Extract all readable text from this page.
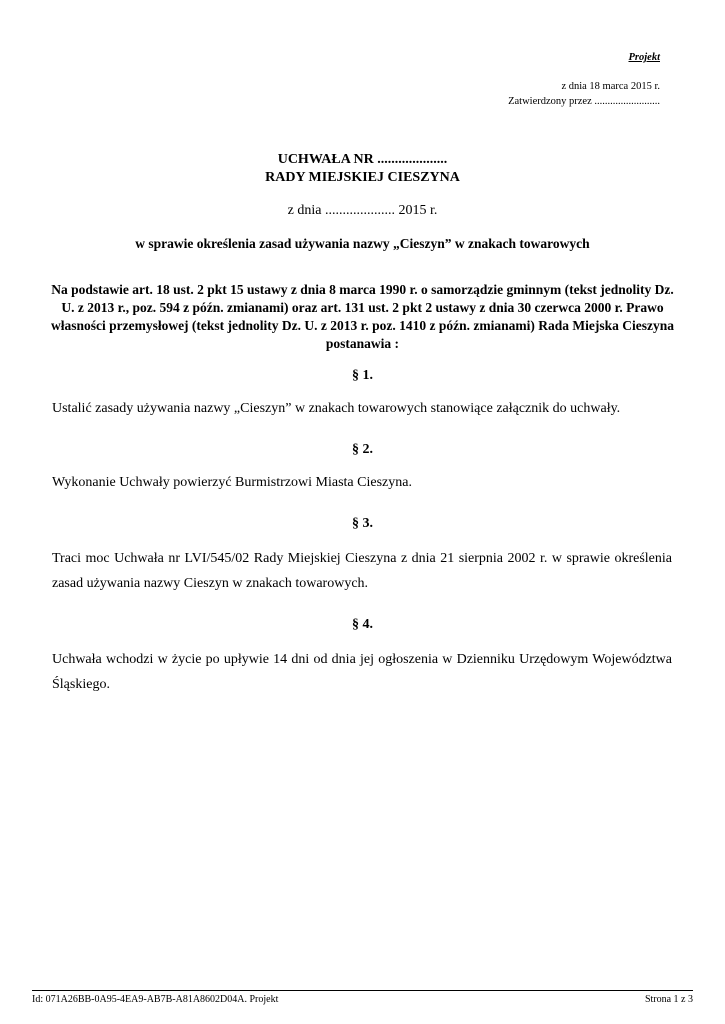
Projekt
z dnia 18 marca 2015 r.
Zatwierdzony przez .........................
UCHWAŁA NR ....................
RADY MIEJSKIEJ CIESZYNA
z dnia .................... 2015 r.
w sprawie określenia zasad używania nazwy „Cieszyn” w znakach towarowych
Na podstawie art. 18 ust. 2 pkt 15 ustawy z dnia 8 marca 1990 r. o samorządzie gminnym (tekst jednolity Dz. U. z 2013 r., poz. 594 z późn. zmianami) oraz art. 131 ust. 2 pkt 2 ustawy z dnia 30 czerwca 2000 r. Prawo własności przemysłowej (tekst jednolity Dz. U. z 2013 r. poz. 1410 z późn. zmianami) Rada Miejska Cieszyna postanawia :
§ 1.
Ustalić zasady używania nazwy „Cieszyn” w znakach towarowych stanowiące załącznik do uchwały.
§ 2.
Wykonanie Uchwały powierzyć Burmistrzowi Miasta Cieszyna.
§ 3.
Traci moc Uchwała nr LVI/545/02 Rady Miejskiej Cieszyna z dnia 21 sierpnia 2002 r. w sprawie określenia zasad używania nazwy Cieszyn w znakach towarowych.
§ 4.
Uchwała wchodzi w życie po upływie 14 dni od dnia jej ogłoszenia w Dzienniku Urzędowym Województwa Śląskiego.
Id: 071A26BB-0A95-4EA9-AB7B-A81A8602D04A. Projekt	Strona 1 z 3
